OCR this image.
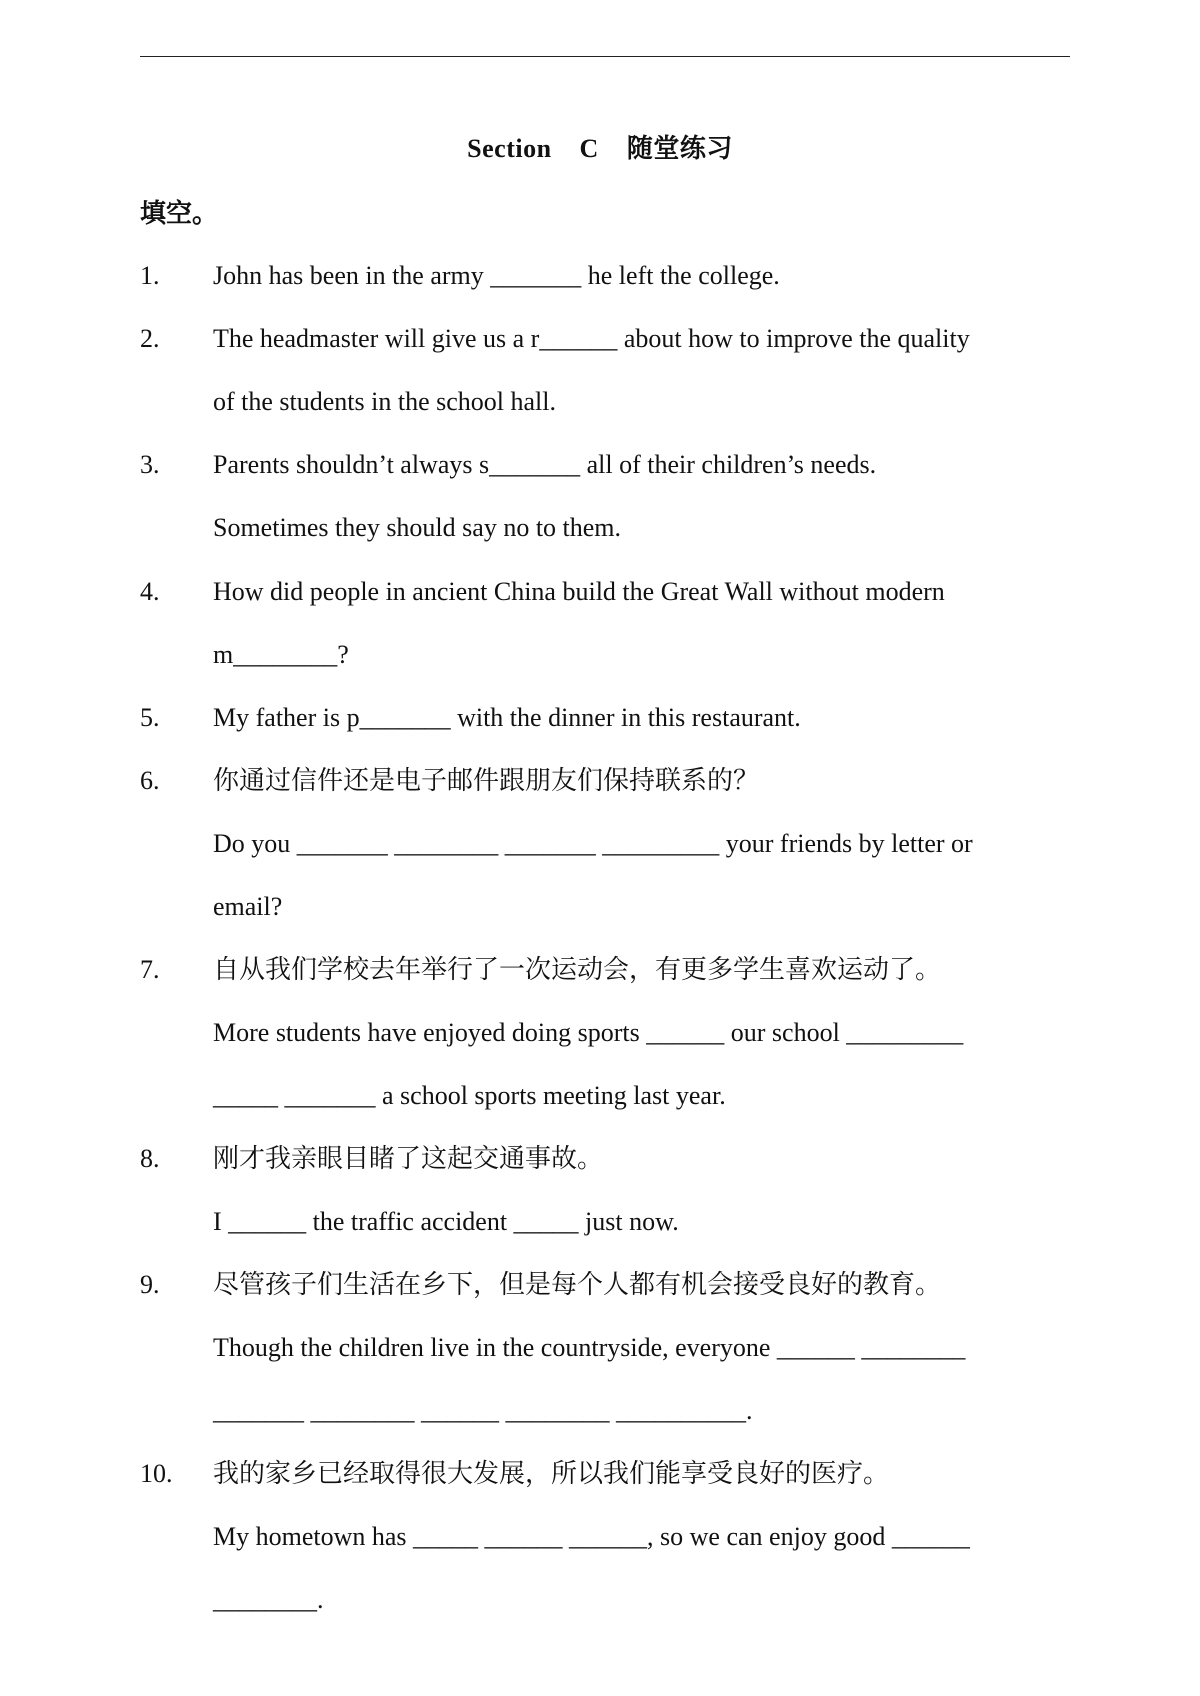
Section    C    随堂练习
填空。
1. John has been in the army _______ he left the college.
2. The headmaster will give us a r______ about how to improve the quality
of the students in the school hall.
3. Parents shouldn’t always s_______ all of their children’s needs.
Sometimes they should say no to them.
4. How did people in ancient China build the Great Wall without modern
m________?
5. My father is p_______ with the dinner in this restaurant.
6. 你通过信件还是电子邮件跟朋友们保持联系的？
Do you _______ ________ _______ _________ your friends by letter or
email?
7. 自从我们学校去年举行了一次运动会，有更多学生喜欢运动了。
More students have enjoyed doing sports ______ our school _________
_____ _______ a school sports meeting last year.
8. 刚才我亲眼目睹了这起交通事故。
I ______ the traffic accident _____ just now.
9. 尽管孩子们生活在乡下，但是每个人都有机会接受良好的教育。
Though the children live in the countryside, everyone ______ ________
_______ ________ ______ ________ __________.
10. 我的家乡已经取得很大发展，所以我们能享受良好的医疗。
My hometown has _____ ______ ______, so we can enjoy good ______
________.
